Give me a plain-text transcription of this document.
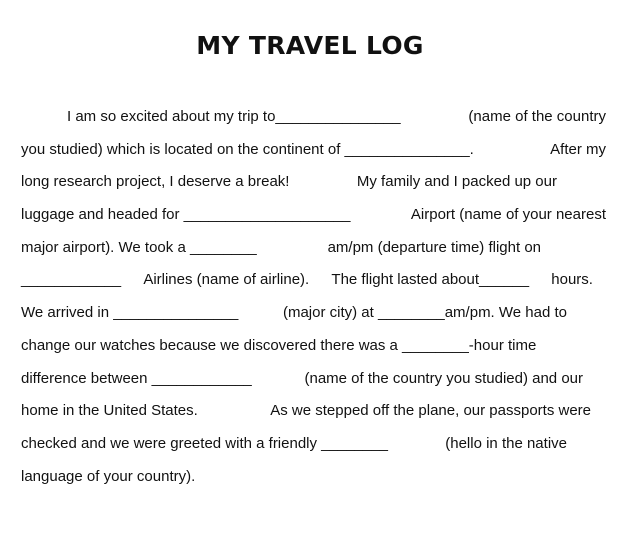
MY TRAVEL LOG
I am so excited about my trip to_______________	(name of the country
you studied) which is located on the continent of _______________.	After my
long research project, I deserve a break!	My family and I packed up our
luggage and headed for ____________________	Airport (name of your nearest
major airport). We took a ________	am/pm (departure time) flight on
____________ Airlines (name of airline). The flight lasted about______ hours.
We arrived in _______________	(major city) at ________am/pm. We had to
change our watches because we discovered there was a ________-hour time
difference between ____________	(name of the country you studied) and our
home in the United States.	As we stepped off the plane, our passports were
checked and we were greeted with a friendly ________	(hello in the native
language of your country).
